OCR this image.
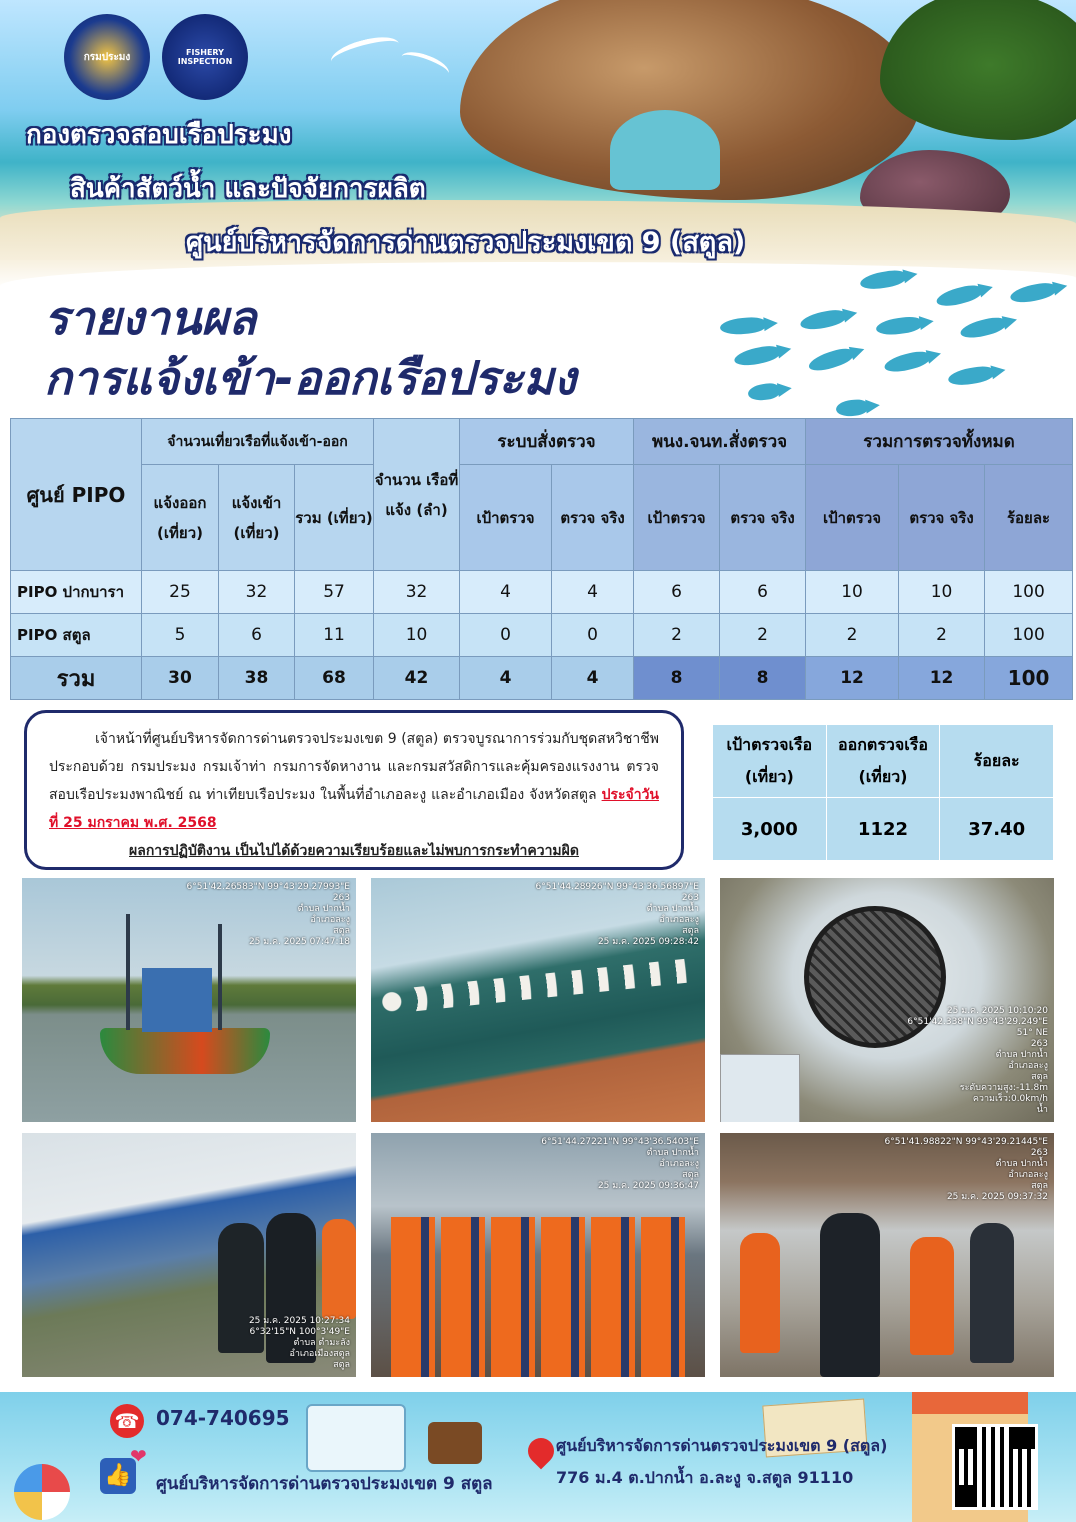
กรมประมง	FISHERY INSPECTION
กองตรวจสอบเรือประมง
สินค้าสัตว์น้ำ และปัจจัยการผลิต
ศูนย์บริหารจัดการด่านตรวจประมงเขต 9 (สตูล)
รายงานผล
การแจ้งเข้า-ออกเรือประมง
ศูนย์ PIPO	จำนวนเที่ยวเรือที่แจ้งเข้า-ออก			จำนวน เรือที่แจ้ง (ลำ)	ระบบสั่งตรวจ		พนง.จนท.สั่งตรวจ		รวมการตรวจทั้งหมด		
	แจ้งออก (เที่ยว)	แจ้งเข้า (เที่ยว)	รวม (เที่ยว)		เป้าตรวจ	ตรวจ จริง	เป้าตรวจ	ตรวจ จริง	เป้าตรวจ	ตรวจ จริง	ร้อยละ
PIPO ปากบารา	25	32	57	32	4	4	6	6	10	10	100
PIPO สตูล	5	6	11	10	0	0	2	2	2	2	100
รวม	30	38	68	42	4	4	8	8	12	12	100
เจ้าหน้าที่ศูนย์บริหารจัดการด่านตรวจประมงเขต 9 (สตูล) ตรวจบูรณาการร่วมกับชุดสหวิชาชีพประกอบด้วย กรมประมง กรมเจ้าท่า กรมการจัดหางาน และกรมสวัสดิการและคุ้มครองแรงงาน ตรวจสอบเรือประมงพาณิชย์ ณ ท่าเทียบเรือประมง ในพื้นที่อำเภอละงู และอำเภอเมือง จังหวัดสตูล ประจำวันที่ 25 มกราคม พ.ศ. 2568
ผลการปฏิบัติงาน เป็นไปได้ด้วยความเรียบร้อยและไม่พบการกระทำความผิด
เป้าตรวจเรือ (เที่ยว)	ออกตรวจเรือ (เที่ยว)	ร้อยละ
3,000	1122	37.40
6°51'42.26583"N 99°43'29.27993"E
263
ตำบล ปากน้ำ
อำเภอละงู
สตูล
25 ม.ค. 2025 07:47:18
6°51'44.28926"N 99°43'36.56897"E
263
ตำบล ปากน้ำ
อำเภอละงู
สตูล
25 ม.ค. 2025 09:28:42
25 ม.ค. 2025 10:10:20
6°51'42.338"N 99°43'29.249"E
51° NE
263
ตำบล ปากน้ำ
อำเภอละงู
สตูล
ระดับความสูง:-11.8m
ความเร็ว:0.0km/h
น้ำ
25 ม.ค. 2025 10:27:34
6°32'15"N 100°3'49"E
ตำบล ตำมะลัง
อำเภอเมืองสตูล
สตูล
6°51'44.27221"N 99°43'36.5403"E
ตำบล ปากน้ำ
อำเภอละงู
สตูล
25 ม.ค. 2025 09:36:47
6°51'41.98822"N 99°43'29.21445"E
263
ตำบล ปากน้ำ
อำเภอละงู
สตูล
25 ม.ค. 2025 09:37:32
☎ 074-740695
👍
❤
ศูนย์บริหารจัดการด่านตรวจประมงเขต 9 สตูล
ศูนย์บริหารจัดการด่านตรวจประมงเขต 9 (สตูล)
776 ม.4 ต.ปากน้ำ อ.ละงู จ.สตูล 91110
